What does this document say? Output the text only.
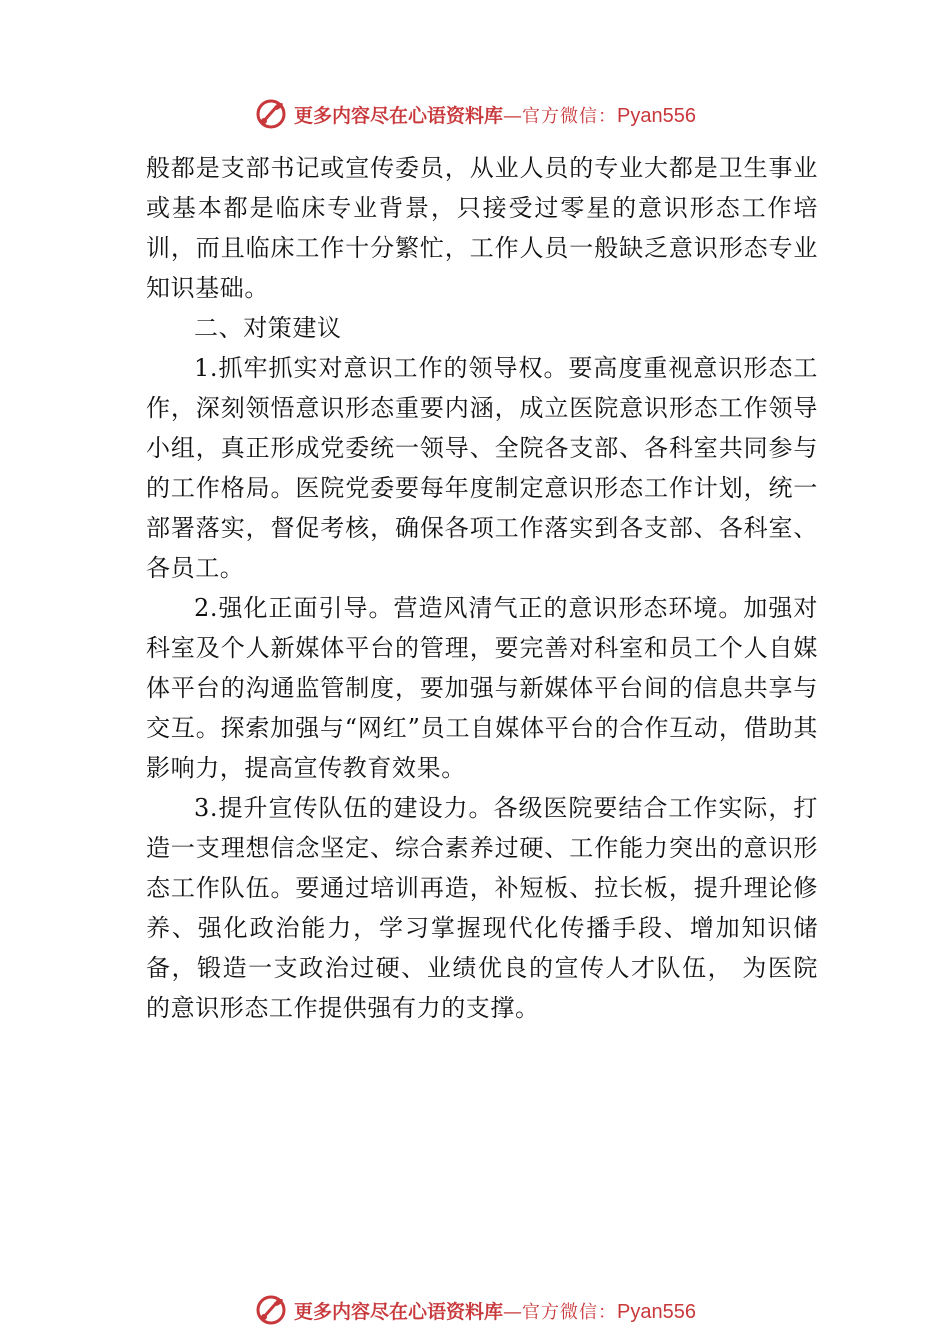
更多内容尽在心语资料库—官方微信：Pyan556

般都是支部书记或宣传委员，从业人员的专业大都是卫生事业或基本都是临床专业背景，只接受过零星的意识形态工作培训，而且临床工作十分繁忙，工作人员一般缺乏意识形态专业知识基础。

二、对策建议

1.抓牢抓实对意识工作的领导权。要高度重视意识形态工作，深刻领悟意识形态重要内涵，成立医院意识形态工作领导小组，真正形成党委统一领导、全院各支部、各科室共同参与的工作格局。医院党委要每年度制定意识形态工作计划，统一部署落实，督促考核，确保各项工作落实到各支部、各科室、各员工。

2.强化正面引导。营造风清气正的意识形态环境。加强对科室及个人新媒体平台的管理，要完善对科室和员工个人自媒体平台的沟通监管制度，要加强与新媒体平台间的信息共享与交互。探索加强与“网红”员工自媒体平台的合作互动，借助其影响力，提高宣传教育效果。

3.提升宣传队伍的建设力。各级医院要结合工作实际，打造一支理想信念坚定、综合素养过硬、工作能力突出的意识形态工作队伍。要通过培训再造，补短板、拉长板，提升理论修养、强化政治能力，学习掌握现代化传播手段、增加知识储备，锻造一支政治过硬、业绩优良的宣传人才队伍， 为医院的意识形态工作提供强有力的支撑。

更多内容尽在心语资料库—官方微信：Pyan556
